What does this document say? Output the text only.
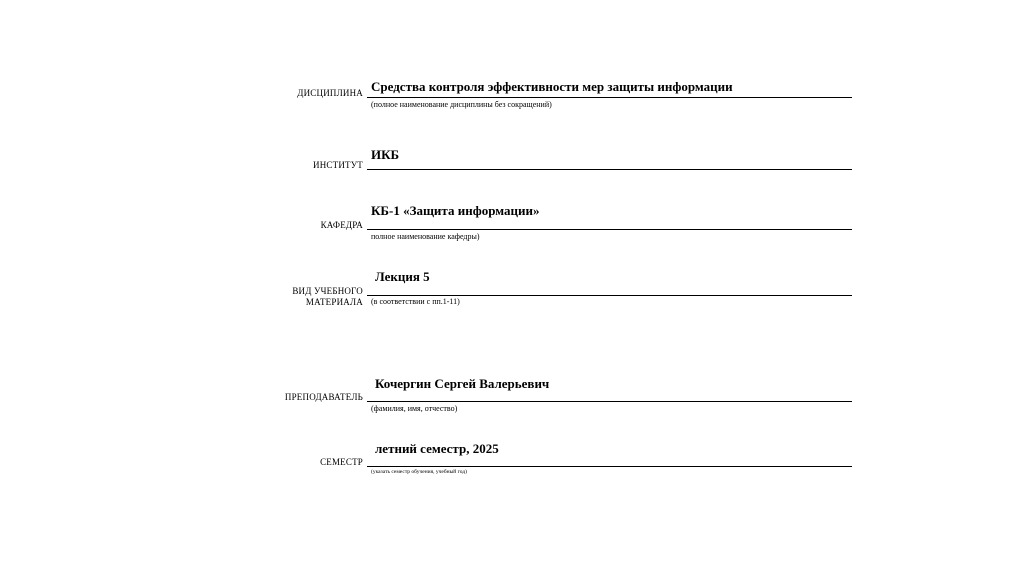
ДИСЦИПЛИНА Средства контроля эффективности мер защиты информации
(полное наименование дисциплины без сокращений)
ИНСТИТУТ
ИКБ
КАФЕДРА
КБ-1 «Защита информации»
полное наименование кафедры)
ВИД УЧЕБНОГО
МАТЕРИАЛА
Лекция 5
(в соответствии с пп.1-11)
ПРЕПОДАВАТЕЛЬ
Кочергин Сергей Валерьевич
(фамилия, имя, отчество)
СЕМЕСТР
летний семестр, 2025
(указать семестр обучения, учебный год)
